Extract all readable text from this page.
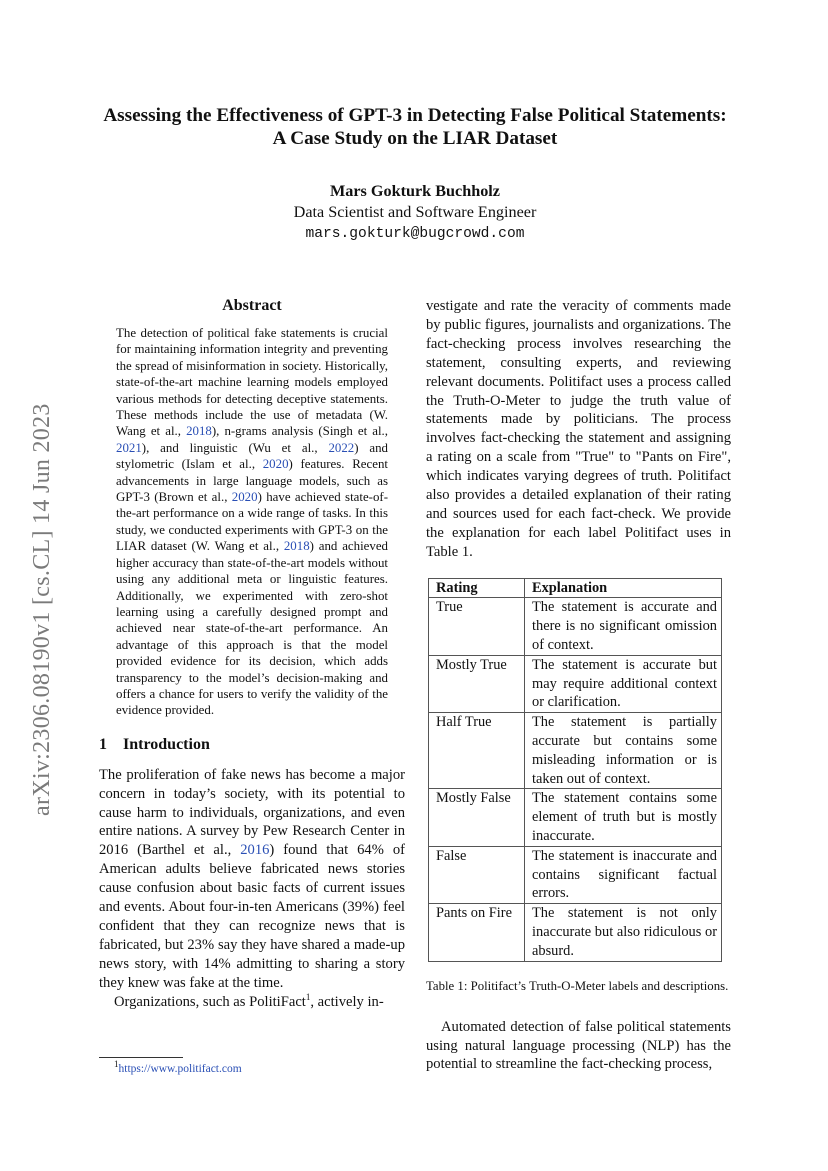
arXiv:2306.08190v1 [cs.CL] 14 Jun 2023
Assessing the Effectiveness of GPT-3 in Detecting False Political Statements:
A Case Study on the LIAR Dataset
Mars Gokturk Buchholz
Data Scientist and Software Engineer
mars.gokturk@bugcrowd.com
Abstract

The detection of political fake statements is crucial for maintaining information integrity and preventing the spread of misinformation in society. Historically, state-of-the-art machine learning models employed various methods for detecting deceptive statements. These methods include the use of metadata (W. Wang et al., 2018), n-grams analysis (Singh et al., 2021), and linguistic (Wu et al., 2022) and stylometric (Islam et al., 2020) features. Recent advancements in large language models, such as GPT-3 (Brown et al., 2020) have achieved state-of-the-art performance on a wide range of tasks. In this study, we conducted experiments with GPT-3 on the LIAR dataset (W. Wang et al., 2018) and achieved higher accuracy than state-of-the-art models without using any additional meta or linguistic features. Additionally, we experimented with zero-shot learning using a carefully designed prompt and achieved near state-of-the-art performance. An advantage of this approach is that the model provided evidence for its decision, which adds transparency to the model’s decision-making and offers a chance for users to verify the validity of the evidence provided.

1 Introduction

The proliferation of fake news has become a major concern in today’s society, with its potential to cause harm to individuals, organizations, and even entire nations. A survey by Pew Research Center in 2016 (Barthel et al., 2016) found that 64% of American adults believe fabricated news stories cause confusion about basic facts of current issues and events. About four-in-ten Americans (39%) feel confident that they can recognize news that is fabricated, but 23% say they have shared a made-up news story, with 14% admitting to sharing a story they knew was fake at the time.

Organizations, such as PolitiFact$^1$, actively in-

$^1$https://www.politifact.com

vestigate and rate the veracity of comments made by public figures, journalists and organizations. The fact-checking process involves researching the statement, consulting experts, and reviewing relevant documents. Politifact uses a process called the Truth-O-Meter to judge the truth value of statements made by politicians. The process involves fact-checking the statement and assigning a rating on a scale from "True" to "Pants on Fire", which indicates varying degrees of truth. Politifact also provides a detailed explanation of their rating and sources used for each fact-check. We provide the explanation for each label Politifact uses in Table 1.

Rating	Explanation
True	The statement is accurate and there is no significant omission of context.
Mostly True	The statement is accurate but may require additional context or clarification.
Half True	The statement is partially accurate but contains some misleading information or is taken out of context.
Mostly False	The statement contains some element of truth but is mostly inaccurate.
False	The statement is inaccurate and contains significant factual errors.
Pants on Fire	The statement is not only inaccurate but also ridiculous or absurd.

Table 1: Politifact’s Truth-O-Meter labels and descriptions.

Automated detection of false political statements using natural language processing (NLP) has the potential to streamline the fact-checking process,
